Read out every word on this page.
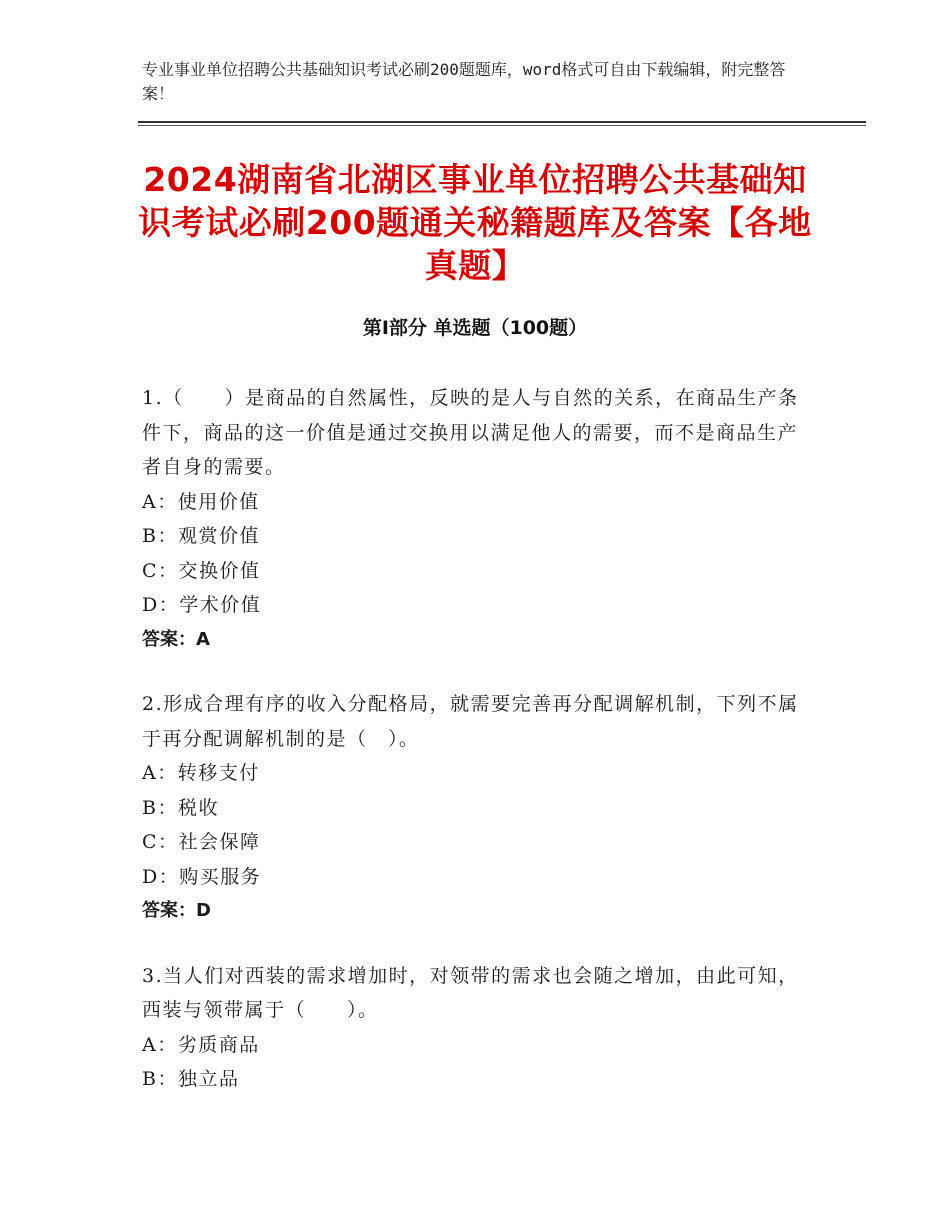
专业事业单位招聘公共基础知识考试必刷200题题库，word格式可自由下载编辑，附完整答案！
2024湖南省北湖区事业单位招聘公共基础知识考试必刷200题通关秘籍题库及答案【各地真题】
第Ⅰ部分 单选题（100题）

1.（　　）是商品的自然属性，反映的是人与自然的关系，在商品生产条件下，商品的这一价值是通过交换用以满足他人的需要，而不是商品生产者自身的需要。

A：使用价值

B：观赏价值

C：交换价值

D：学术价值

答案：A

2.形成合理有序的收入分配格局，就需要完善再分配调解机制，下列不属于再分配调解机制的是（　）。

A：转移支付

B：税收

C：社会保障

D：购买服务

答案：D

3.当人们对西装的需求增加时，对领带的需求也会随之增加，由此可知，西装与领带属于（　　）。

A：劣质商品

B：独立品
